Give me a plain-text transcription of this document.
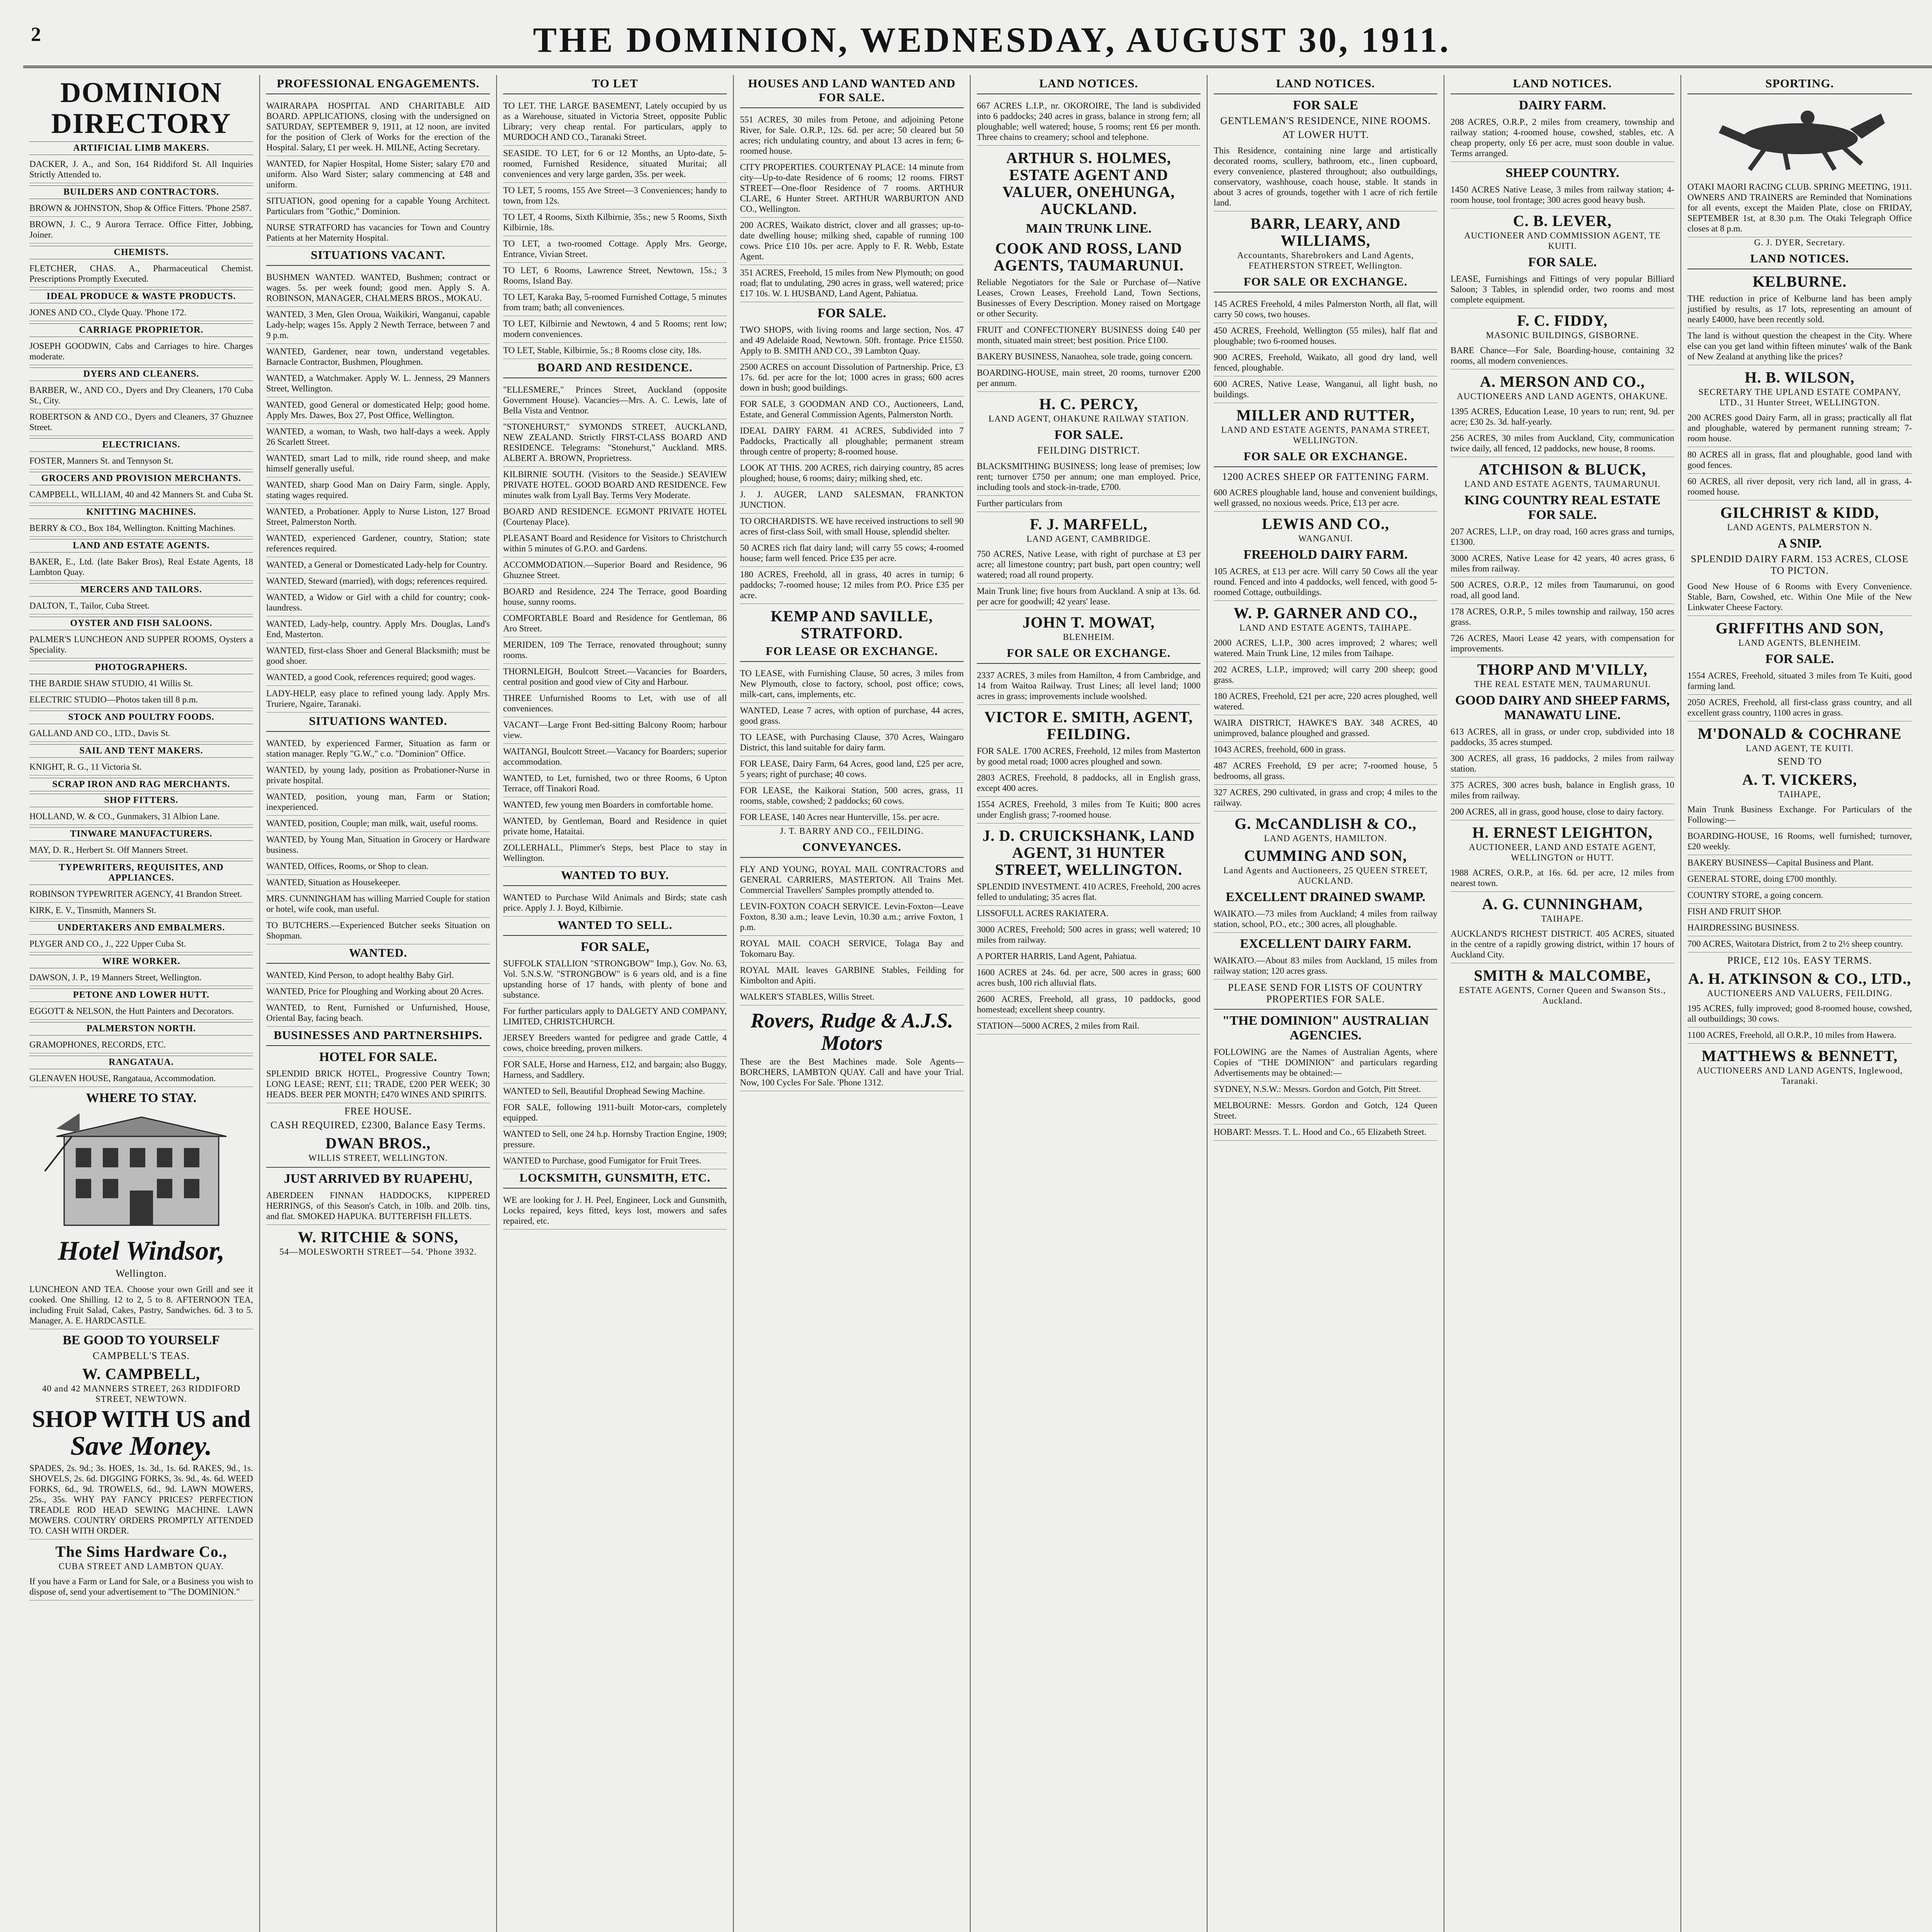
2	THE DOMINION, WEDNESDAY, AUGUST 30, 1911.
DOMINION DIRECTORY
ARTIFICIAL LIMB MAKERS.
DACKER, J. A., and Son, 164 Riddiford St. All Inquiries Strictly Attended to.
BUILDERS AND CONTRACTORS.
BROWN & JOHNSTON, Shop & Office Fitters. 'Phone 2587.
BROWN, J. C., 9 Aurora Terrace. Office Fitter, Jobbing, Joiner.
CHEMISTS.
FLETCHER, CHAS. A., Pharmaceutical Chemist. Prescriptions Promptly Executed.
IDEAL PRODUCE & WASTE PRODUCTS.
JONES AND CO., Clyde Quay. 'Phone 172.
CARRIAGE PROPRIETOR.
JOSEPH GOODWIN, Cabs and Carriages to hire. Charges moderate.
DYERS AND CLEANERS.
BARBER, W., AND CO., Dyers and Dry Cleaners, 170 Cuba St., City.
ROBERTSON & AND CO., Dyers and Cleaners, 37 Ghuznee Street.
ELECTRICIANS.
FOSTER, Manners St. and Tennyson St.
GROCERS AND PROVISION MERCHANTS.
CAMPBELL, WILLIAM, 40 and 42 Manners St. and Cuba St.
KNITTING MACHINES.
BERRY & CO., Box 184, Wellington. Knitting Machines.
LAND AND ESTATE AGENTS.
BAKER, E., Ltd. (late Baker Bros), Real Estate Agents, 18 Lambton Quay.
MERCERS AND TAILORS.
DALTON, T., Tailor, Cuba Street.
OYSTER AND FISH SALOONS.
PALMER'S LUNCHEON AND SUPPER ROOMS, Oysters a Speciality.
PHOTOGRAPHERS.
THE BARDIE SHAW STUDIO, 41 Willis St.
ELECTRIC STUDIO—Photos taken till 8 p.m.
STOCK AND POULTRY FOODS.
GALLAND AND CO., LTD., Davis St.
SAIL AND TENT MAKERS.
KNIGHT, R. G., 11 Victoria St.
SCRAP IRON AND RAG MERCHANTS.
SHOP FITTERS.
HOLLAND, W. & CO., Gunmakers, 31 Albion Lane.
TINWARE MANUFACTURERS.
MAY, D. R., Herbert St. Off Manners Street.
TYPEWRITERS, REQUISITES, AND APPLIANCES.
ROBINSON TYPEWRITER AGENCY, 41 Brandon Street.
KIRK, E. V., Tinsmith, Manners St.
UNDERTAKERS AND EMBALMERS.
PLYGER AND CO., J., 222 Upper Cuba St.
WIRE WORKER.
DAWSON, J. P., 19 Manners Street, Wellington.
PETONE AND LOWER HUTT.
EGGOTT & NELSON, the Hutt Painters and Decorators.
PALMERSTON NORTH.
GRAMOPHONES, RECORDS, ETC.
RANGATAUA.
GLENAVEN HOUSE, Rangataua, Accommodation.
WHERE TO STAY.
Hotel Windsor,
Wellington.
LUNCHEON AND TEA. Choose your own Grill and see it cooked. One Shilling. 12 to 2, 5 to 8. AFTERNOON TEA, including Fruit Salad, Cakes, Pastry, Sandwiches. 6d. 3 to 5. Manager, A. E. HARDCASTLE.
BE GOOD TO YOURSELF
CAMPBELL'S TEAS.
W. CAMPBELL,
40 and 42 MANNERS STREET, 263 RIDDIFORD STREET, NEWTOWN.
SHOP WITH US and
Save Money.
SPADES, 2s. 9d.; 3s. HOES, 1s. 3d., 1s. 6d. RAKES, 9d., 1s. SHOVELS, 2s. 6d. DIGGING FORKS, 3s. 9d., 4s. 6d. WEED FORKS, 6d., 9d. TROWELS, 6d., 9d. LAWN MOWERS, 25s., 35s. WHY PAY FANCY PRICES? PERFECTION TREADLE ROD HEAD SEWING MACHINE. LAWN MOWERS. COUNTRY ORDERS PROMPTLY ATTENDED TO. CASH WITH ORDER.
The Sims Hardware Co.,
CUBA STREET AND LAMBTON QUAY.
If you have a Farm or Land for Sale, or a Business you wish to dispose of, send your advertisement to "The DOMINION."
PROFESSIONAL ENGAGEMENTS.
WAIRARAPA HOSPITAL AND CHARITABLE AID BOARD. APPLICATIONS, closing with the undersigned on SATURDAY, SEPTEMBER 9, 1911, at 12 noon, are invited for the position of Clerk of Works for the erection of the Hospital. Salary, £1 per week. H. MILNE, Acting Secretary.
WANTED, for Napier Hospital, Home Sister; salary £70 and uniform. Also Ward Sister; salary commencing at £48 and uniform.
SITUATION, good opening for a capable Young Architect. Particulars from "Gothic," Dominion.
NURSE STRATFORD has vacancies for Town and Country Patients at her Maternity Hospital.
SITUATIONS VACANT.
BUSHMEN WANTED. WANTED, Bushmen; contract or wages. 5s. per week found; good men. Apply S. A. ROBINSON, MANAGER, CHALMERS BROS., MOKAU.
WANTED, 3 Men, Glen Oroua, Waikikiri, Wanganui, capable Lady-help; wages 15s. Apply 2 Newth Terrace, between 7 and 9 p.m.
WANTED, Gardener, near town, understand vegetables. Barnacle Contractor, Bushmen, Ploughmen.
WANTED, a Watchmaker. Apply W. L. Jenness, 29 Manners Street, Wellington.
WANTED, good General or domesticated Help; good home. Apply Mrs. Dawes, Box 27, Post Office, Wellington.
WANTED, a woman, to Wash, two half-days a week. Apply 26 Scarlett Street.
WANTED, smart Lad to milk, ride round sheep, and make himself generally useful.
WANTED, sharp Good Man on Dairy Farm, single. Apply, stating wages required.
WANTED, a Probationer. Apply to Nurse Liston, 127 Broad Street, Palmerston North.
WANTED, experienced Gardener, country, Station; state references required.
WANTED, a General or Domesticated Lady-help for Country.
WANTED, Steward (married), with dogs; references required.
WANTED, a Widow or Girl with a child for country; cook-laundress.
WANTED, Lady-help, country. Apply Mrs. Douglas, Land's End, Masterton.
WANTED, first-class Shoer and General Blacksmith; must be good shoer.
WANTED, a good Cook, references required; good wages.
LADY-HELP, easy place to refined young lady. Apply Mrs. Truriere, Ngaire, Taranaki.
SITUATIONS WANTED.
WANTED, by experienced Farmer, Situation as farm or station manager. Reply "G.W.," c.o. "Dominion" Office.
WANTED, by young lady, position as Probationer-Nurse in private hospital.
WANTED, position, young man, Farm or Station; inexperienced.
WANTED, position, Couple; man milk, wait, useful rooms.
WANTED, by Young Man, Situation in Grocery or Hardware business.
WANTED, Offices, Rooms, or Shop to clean.
WANTED, Situation as Housekeeper.
MRS. CUNNINGHAM has willing Married Couple for station or hotel, wife cook, man useful.
TO BUTCHERS.—Experienced Butcher seeks Situation on Shopman.
WANTED.
WANTED, Kind Person, to adopt healthy Baby Girl.
WANTED, Price for Ploughing and Working about 20 Acres.
WANTED, to Rent, Furnished or Unfurnished, House, Oriental Bay, facing beach.
BUSINESSES AND PARTNERSHIPS.
HOTEL FOR SALE.
SPLENDID BRICK HOTEL, Progressive Country Town; LONG LEASE; RENT, £11; TRADE, £200 PER WEEK; 30 HEADS. BEER PER MONTH; £470 WINES AND SPIRITS.
FREE HOUSE.
CASH REQUIRED, £2300, Balance Easy Terms.
DWAN BROS.,
WILLIS STREET, WELLINGTON.
JUST ARRIVED BY RUAPEHU,
ABERDEEN FINNAN HADDOCKS, KIPPERED HERRINGS, of this Season's Catch, in 10lb. and 20lb. tins, and flat. SMOKED HAPUKA. BUTTERFISH FILLETS.
W. RITCHIE & SONS,
54—MOLESWORTH STREET—54. 'Phone 3932.
TO LET
TO LET. THE LARGE BASEMENT, Lately occupied by us as a Warehouse, situated in Victoria Street, opposite Public Library; very cheap rental. For particulars, apply to MURDOCH AND CO., Taranaki Street.
SEASIDE. TO LET, for 6 or 12 Months, an Upto-date, 5-roomed, Furnished Residence, situated Muritai; all conveniences and very large garden, 35s. per week.
TO LET, 5 rooms, 155 Ave Street—3 Conveniences; handy to town, from 12s.
TO LET, 4 Rooms, Sixth Kilbirnie, 35s.; new 5 Rooms, Sixth Kilbirnie, 18s.
TO LET, a two-roomed Cottage. Apply Mrs. George, Entrance, Vivian Street.
TO LET, 6 Rooms, Lawrence Street, Newtown, 15s.; 3 Rooms, Island Bay.
TO LET, Karaka Bay, 5-roomed Furnished Cottage, 5 minutes from tram; bath; all conveniences.
TO LET, Kilbirnie and Newtown, 4 and 5 Rooms; rent low; modern conveniences.
TO LET, Stable, Kilbirnie, 5s.; 8 Rooms close city, 18s.
BOARD AND RESIDENCE.
"ELLESMERE," Princes Street, Auckland (opposite Government House). Vacancies—Mrs. A. C. Lewis, late of Bella Vista and Ventnor.
"STONEHURST," SYMONDS STREET, AUCKLAND, NEW ZEALAND. Strictly FIRST-CLASS BOARD AND RESIDENCE. Telegrams: "Stonehurst," Auckland. MRS. ALBERT A. BROWN, Proprietress.
KILBIRNIE SOUTH. (Visitors to the Seaside.) SEAVIEW PRIVATE HOTEL. GOOD BOARD AND RESIDENCE. Few minutes walk from Lyall Bay. Terms Very Moderate.
BOARD AND RESIDENCE. EGMONT PRIVATE HOTEL (Courtenay Place).
PLEASANT Board and Residence for Visitors to Christchurch within 5 minutes of G.P.O. and Gardens.
ACCOMMODATION.—Superior Board and Residence, 96 Ghuznee Street.
BOARD and Residence, 224 The Terrace, good Boarding house, sunny rooms.
COMFORTABLE Board and Residence for Gentleman, 86 Aro Street.
MERIDEN, 109 The Terrace, renovated throughout; sunny rooms.
THORNLEIGH, Boulcott Street.—Vacancies for Boarders, central position and good view of City and Harbour.
THREE Unfurnished Rooms to Let, with use of all conveniences.
VACANT—Large Front Bed-sitting Balcony Room; harbour view.
WAITANGI, Boulcott Street.—Vacancy for Boarders; superior accommodation.
WANTED, to Let, furnished, two or three Rooms, 6 Upton Terrace, off Tinakori Road.
WANTED, few young men Boarders in comfortable home.
WANTED, by Gentleman, Board and Residence in quiet private home, Hataitai.
ZOLLERHALL, Plimmer's Steps, best Place to stay in Wellington.
WANTED TO BUY.
WANTED to Purchase Wild Animals and Birds; state cash price. Apply J. J. Boyd, Kilbirnie.
WANTED TO SELL.
FOR SALE,
SUFFOLK STALLION "STRONGBOW" Imp.), Gov. No. 63, Vol. 5.N.S.W. "STRONGBOW" is 6 years old, and is a fine upstanding horse of 17 hands, with plenty of bone and substance.
For further particulars apply to DALGETY AND COMPANY, LIMITED, CHRISTCHURCH.
JERSEY Breeders wanted for pedigree and grade Cattle, 4 cows, choice breeding, proven milkers.
FOR SALE, Horse and Harness, £12, and bargain; also Buggy, Harness, and Saddlery.
WANTED to Sell, Beautiful Drophead Sewing Machine.
FOR SALE, following 1911-built Motor-cars, completely equipped.
WANTED to Sell, one 24 h.p. Hornsby Traction Engine, 1909; pressure.
WANTED to Purchase, good Fumigator for Fruit Trees.
LOCKSMITH, GUNSMITH, ETC.
WE are looking for J. H. Peel, Engineer, Lock and Gunsmith, Locks repaired, keys fitted, keys lost, mowers and safes repaired, etc.
HOUSES AND LAND WANTED AND FOR SALE.
551 ACRES, 30 miles from Petone, and adjoining Petone River, for Sale. O.R.P., 12s. 6d. per acre; 50 cleared but 50 acres; rich undulating country, and about 13 acres in fern; 6-roomed house.
CITY PROPERTIES. COURTENAY PLACE: 14 minute from city—Up-to-date Residence of 6 rooms; 12 rooms. FIRST STREET—One-floor Residence of 7 rooms. ARTHUR CLARE, 6 Hunter Street. ARTHUR WARBURTON AND CO., Wellington.
200 ACRES, Waikato district, clover and all grasses; up-to-date dwelling house; milking shed, capable of running 100 cows. Price £10 10s. per acre. Apply to F. R. Webb, Estate Agent.
351 ACRES, Freehold, 15 miles from New Plymouth; on good road; flat to undulating, 290 acres in grass, well watered; price £17 10s. W. I. HUSBAND, Land Agent, Pahiatua.
FOR SALE.
TWO SHOPS, with living rooms and large section, Nos. 47 and 49 Adelaide Road, Newtown. 50ft. frontage. Price £1550. Apply to B. SMITH AND CO., 39 Lambton Quay.
2500 ACRES on account Dissolution of Partnership. Price, £3 17s. 6d. per acre for the lot; 1000 acres in grass; 600 acres down in bush; good buildings.
FOR SALE, 3 GOODMAN AND CO., Auctioneers, Land, Estate, and General Commission Agents, Palmerston North.
IDEAL DAIRY FARM. 41 ACRES, Subdivided into 7 Paddocks, Practically all ploughable; permanent stream through centre of property; 8-roomed house.
LOOK AT THIS. 200 ACRES, rich dairying country, 85 acres ploughed; house, 6 rooms; dairy; milking shed, etc.
J. J. AUGER, LAND SALESMAN, FRANKTON JUNCTION.
TO ORCHARDISTS. WE have received instructions to sell 90 acres of first-class Soil, with small House, splendid shelter.
50 ACRES rich flat dairy land; will carry 55 cows; 4-roomed house; farm well fenced. Price £35 per acre.
180 ACRES, Freehold, all in grass, 40 acres in turnip; 6 paddocks; 7-roomed house; 12 miles from P.O. Price £35 per acre.
KEMP AND SAVILLE, STRATFORD.
FOR LEASE OR EXCHANGE.
TO LEASE, with Furnishing Clause, 50 acres, 3 miles from New Plymouth, close to factory, school, post office; cows, milk-cart, cans, implements, etc.
WANTED, Lease 7 acres, with option of purchase, 44 acres, good grass.
TO LEASE, with Purchasing Clause, 370 Acres, Waingaro District, this land suitable for dairy farm.
FOR LEASE, Dairy Farm, 64 Acres, good land, £25 per acre, 5 years; right of purchase; 40 cows.
FOR LEASE, the Kaikorai Station, 500 acres, grass, 11 rooms, stable, cowshed; 2 paddocks; 60 cows.
FOR LEASE, 140 Acres near Hunterville, 15s. per acre.
J. T. BARRY AND CO., FEILDING.
CONVEYANCES.
FLY AND YOUNG, ROYAL MAIL CONTRACTORS and GENERAL CARRIERS, MASTERTON. All Trains Met. Commercial Travellers' Samples promptly attended to.
LEVIN-FOXTON COACH SERVICE. Levin-Foxton—Leave Foxton, 8.30 a.m.; leave Levin, 10.30 a.m.; arrive Foxton, 1 p.m.
ROYAL MAIL COACH SERVICE, Tolaga Bay and Tokomaru Bay.
ROYAL MAIL leaves GARBINE Stables, Feilding for Kimbolton and Apiti.
WALKER'S STABLES, Willis Street.
Rovers, Rudge & A.J.S. Motors
These are the Best Machines made. Sole Agents—BORCHERS, LAMBTON QUAY. Call and have your Trial. Now, 100 Cycles For Sale. 'Phone 1312.
LAND NOTICES.
667 ACRES L.I.P., nr. OKOROIRE, The land is subdivided into 6 paddocks; 240 acres in grass, balance in strong fern; all ploughable; well watered; house, 5 rooms; rent £6 per month. Three chains to creamery; school and telephone.
ARTHUR S. HOLMES, ESTATE AGENT AND VALUER, ONEHUNGA, AUCKLAND.
MAIN TRUNK LINE.
COOK AND ROSS, LAND AGENTS, TAUMARUNUI.
Reliable Negotiators for the Sale or Purchase of—Native Leases, Crown Leases, Freehold Land, Town Sections, Businesses of Every Description. Money raised on Mortgage or other Security.
FRUIT and CONFECTIONERY BUSINESS doing £40 per month, situated main street; best position. Price £100.
BAKERY BUSINESS, Nanaohea, sole trade, going concern.
BOARDING-HOUSE, main street, 20 rooms, turnover £200 per annum.
H. C. PERCY,
LAND AGENT, OHAKUNE RAILWAY STATION.
FOR SALE.
FEILDING DISTRICT.
BLACKSMITHING BUSINESS; long lease of premises; low rent; turnover £750 per annum; one man employed. Price, including tools and stock-in-trade, £700.
Further particulars from
F. J. MARFELL,
LAND AGENT, CAMBRIDGE.
750 ACRES, Native Lease, with right of purchase at £3 per acre; all limestone country; part bush, part open country; well watered; road all round property.
Main Trunk line; five hours from Auckland. A snip at 13s. 6d. per acre for goodwill; 42 years' lease.
JOHN T. MOWAT,
BLENHEIM.
FOR SALE OR EXCHANGE.
2337 ACRES, 3 miles from Hamilton, 4 from Cambridge, and 14 from Waitoa Railway. Trust Lines; all level land; 1000 acres in grass; improvements include woolshed.
VICTOR E. SMITH, AGENT, FEILDING.
FOR SALE. 1700 ACRES, Freehold, 12 miles from Masterton by good metal road; 1000 acres ploughed and sown.
2803 ACRES, Freehold, 8 paddocks, all in English grass, except 400 acres.
1554 ACRES, Freehold, 3 miles from Te Kuiti; 800 acres under English grass; 7-roomed house.
J. D. CRUICKSHANK, LAND AGENT, 31 HUNTER STREET, WELLINGTON.
SPLENDID INVESTMENT. 410 ACRES, Freehold, 200 acres felled to undulating; 35 acres flat.
LISSOFULL ACRES RAKIATERA.
3000 ACRES, Freehold; 500 acres in grass; well watered; 10 miles from railway.
A PORTER HARRIS, Land Agent, Pahiatua.
1600 ACRES at 24s. 6d. per acre, 500 acres in grass; 600 acres bush, 100 rich alluvial flats.
2600 ACRES, Freehold, all grass, 10 paddocks, good homestead; excellent sheep country.
STATION—5000 ACRES, 2 miles from Rail.
LAND NOTICES.
FOR SALE
GENTLEMAN'S RESIDENCE, NINE ROOMS.
AT LOWER HUTT.
This Residence, containing nine large and artistically decorated rooms, scullery, bathroom, etc., linen cupboard, every convenience, plastered throughout; also outbuildings, conservatory, washhouse, coach house, stable. It stands in about 3 acres of grounds, together with 1 acre of rich fertile land.
BARR, LEARY, AND WILLIAMS,
Accountants, Sharebrokers and Land Agents, FEATHERSTON STREET, Wellington.
FOR SALE OR EXCHANGE.
145 ACRES Freehold, 4 miles Palmerston North, all flat, will carry 50 cows, two houses.
450 ACRES, Freehold, Wellington (55 miles), half flat and ploughable; two 6-roomed houses.
900 ACRES, Freehold, Waikato, all good dry land, well fenced, ploughable.
600 ACRES, Native Lease, Wanganui, all light bush, no buildings.
MILLER AND RUTTER,
LAND AND ESTATE AGENTS, PANAMA STREET, WELLINGTON.
FOR SALE OR EXCHANGE.
1200 ACRES SHEEP OR FATTENING FARM.
600 ACRES ploughable land, house and convenient buildings, well grassed, no noxious weeds. Price, £13 per acre.
LEWIS AND CO.,
WANGANUI.
FREEHOLD DAIRY FARM.
105 ACRES, at £13 per acre. Will carry 50 Cows all the year round. Fenced and into 4 paddocks, well fenced, with good 5-roomed Cottage, outbuildings.
W. P. GARNER AND CO.,
LAND AND ESTATE AGENTS, TAIHAPE.
2000 ACRES, L.I.P., 300 acres improved; 2 whares; well watered. Main Trunk Line, 12 miles from Taihape.
202 ACRES, L.I.P., improved; will carry 200 sheep; good grass.
180 ACRES, Freehold, £21 per acre, 220 acres ploughed, well watered.
WAIRA DISTRICT, HAWKE'S BAY. 348 ACRES, 40 unimproved, balance ploughed and grassed.
1043 ACRES, freehold, 600 in grass.
487 ACRES Freehold, £9 per acre; 7-roomed house, 5 bedrooms, all grass.
327 ACRES, 290 cultivated, in grass and crop; 4 miles to the railway.
G. McCANDLISH & CO.,
LAND AGENTS, HAMILTON.
CUMMING AND SON,
Land Agents and Auctioneers, 25 QUEEN STREET, AUCKLAND.
EXCELLENT DRAINED SWAMP.
WAIKATO.—73 miles from Auckland; 4 miles from railway station, school, P.O., etc.; 300 acres, all ploughable.
EXCELLENT DAIRY FARM.
WAIKATO.—About 83 miles from Auckland, 15 miles from railway station; 120 acres grass.
PLEASE SEND FOR LISTS OF COUNTRY PROPERTIES FOR SALE.
"THE DOMINION" AUSTRALIAN AGENCIES.
FOLLOWING are the Names of Australian Agents, where Copies of "THE DOMINION" and particulars regarding Advertisements may be obtained:—
SYDNEY, N.S.W.: Messrs. Gordon and Gotch, Pitt Street.
MELBOURNE: Messrs. Gordon and Gotch, 124 Queen Street.
HOBART: Messrs. T. L. Hood and Co., 65 Elizabeth Street.
LAND NOTICES.
DAIRY FARM.
208 ACRES, O.R.P., 2 miles from creamery, township and railway station; 4-roomed house, cowshed, stables, etc. A cheap property, only £6 per acre, must soon double in value. Terms arranged.
SHEEP COUNTRY.
1450 ACRES Native Lease, 3 miles from railway station; 4-room house, tool frontage; 300 acres good heavy bush.
C. B. LEVER,
AUCTIONEER AND COMMISSION AGENT, TE KUITI.
FOR SALE.
LEASE, Furnishings and Fittings of very popular Billiard Saloon; 3 Tables, in splendid order, two rooms and most complete equipment.
F. C. FIDDY,
MASONIC BUILDINGS, GISBORNE.
BARE Chance—For Sale, Boarding-house, containing 32 rooms, all modern conveniences.
A. MERSON AND CO.,
AUCTIONEERS AND LAND AGENTS, OHAKUNE.
1395 ACRES, Education Lease, 10 years to run; rent, 9d. per acre; £30 2s. 3d. half-yearly.
256 ACRES, 30 miles from Auckland, City, communication twice daily, all fenced, 12 paddocks, new house, 8 rooms.
ATCHISON & BLUCK,
LAND AND ESTATE AGENTS, TAUMARUNUI.
KING COUNTRY REAL ESTATE FOR SALE.
207 ACRES, L.I.P., on dray road, 160 acres grass and turnips, £1300.
3000 ACRES, Native Lease for 42 years, 40 acres grass, 6 miles from railway.
500 ACRES, O.R.P., 12 miles from Taumarunui, on good road, all good land.
178 ACRES, O.R.P., 5 miles township and railway, 150 acres grass.
726 ACRES, Maori Lease 42 years, with compensation for improvements.
THORP AND M'VILLY,
THE REAL ESTATE MEN, TAUMARUNUI.
GOOD DAIRY AND SHEEP FARMS, MANAWATU LINE.
613 ACRES, all in grass, or under crop, subdivided into 18 paddocks, 35 acres stumped.
300 ACRES, all grass, 16 paddocks, 2 miles from railway station.
375 ACRES, 300 acres bush, balance in English grass, 10 miles from railway.
200 ACRES, all in grass, good house, close to dairy factory.
H. ERNEST LEIGHTON,
AUCTIONEER, LAND AND ESTATE AGENT, WELLINGTON or HUTT.
1988 ACRES, O.R.P., at 16s. 6d. per acre, 12 miles from nearest town.
A. G. CUNNINGHAM,
TAIHAPE.
AUCKLAND'S RICHEST DISTRICT. 405 ACRES, situated in the centre of a rapidly growing district, within 17 hours of Auckland City.
SMITH & MALCOMBE,
ESTATE AGENTS, Corner Queen and Swanson Sts., Auckland.
SPORTING.
OTAKI MAORI RACING CLUB. SPRING MEETING, 1911. OWNERS AND TRAINERS are Reminded that Nominations for all events, except the Maiden Plate, close on FRIDAY, SEPTEMBER 1st, at 8.30 p.m. The Otaki Telegraph Office closes at 8 p.m.
G. J. DYER, Secretary.
LAND NOTICES.
KELBURNE.
THE reduction in price of Kelburne land has been amply justified by results, as 17 lots, representing an amount of nearly £4000, have been recently sold.
The land is without question the cheapest in the City. Where else can you get land within fifteen minutes' walk of the Bank of New Zealand at anything like the prices?
H. B. WILSON,
SECRETARY THE UPLAND ESTATE COMPANY, LTD., 31 Hunter Street, WELLINGTON.
200 ACRES good Dairy Farm, all in grass; practically all flat and ploughable, watered by permanent running stream; 7-room house.
80 ACRES all in grass, flat and ploughable, good land with good fences.
60 ACRES, all river deposit, very rich land, all in grass, 4-roomed house.
GILCHRIST & KIDD,
LAND AGENTS, PALMERSTON N.
A SNIP.
SPLENDID DAIRY FARM. 153 ACRES, CLOSE TO PICTON.
Good New House of 6 Rooms with Every Convenience. Stable, Barn, Cowshed, etc. Within One Mile of the New Linkwater Cheese Factory.
GRIFFITHS AND SON,
LAND AGENTS, BLENHEIM.
FOR SALE.
1554 ACRES, Freehold, situated 3 miles from Te Kuiti, good farming land.
2050 ACRES, Freehold, all first-class grass country, and all excellent grass country, 1100 acres in grass.
M'DONALD & COCHRANE
LAND AGENT, TE KUITI.
SEND TO
A. T. VICKERS,
TAIHAPE,
Main Trunk Business Exchange. For Particulars of the Following:—
BOARDING-HOUSE, 16 Rooms, well furnished; turnover, £20 weekly.
BAKERY BUSINESS—Capital Business and Plant.
GENERAL STORE, doing £700 monthly.
COUNTRY STORE, a going concern.
FISH AND FRUIT SHOP.
HAIRDRESSING BUSINESS.
700 ACRES, Waitotara District, from 2 to 2½ sheep country.
PRICE, £12 10s. EASY TERMS.
A. H. ATKINSON & CO., LTD.,
AUCTIONEERS AND VALUERS, FEILDING.
195 ACRES, fully improved; good 8-roomed house, cowshed, all outbuildings; 30 cows.
1100 ACRES, Freehold, all O.R.P., 10 miles from Hawera.
MATTHEWS & BENNETT,
AUCTIONEERS AND LAND AGENTS, Inglewood, Taranaki.
